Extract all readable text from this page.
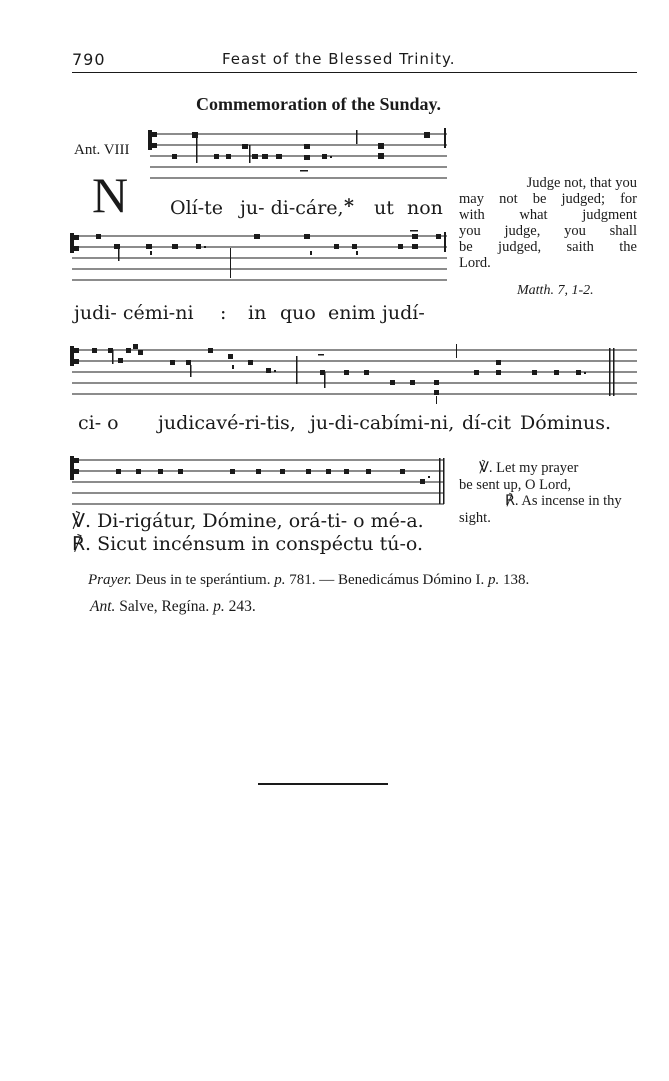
790	Feast of the Blessed Trinity.
Commemoration of the Sunday.
Ant. VIII
N Olí-te ju- di-cáre, * ut non

Judge not, that you

may not be judged; for

with what judgment

you judge, you shall

be judged, saith the

Lord.

Matth. 7, 1-2.
judi- cémi-ni : in quo enim judí-
ci- o judicavé-ri-tis, ju-di-cabími-ni, dí-cit Dóminus.

℣. Let my prayer

be sent up, O Lord,

℟. As incense in thy

sight.

℣. Di-rigátur, Dómine, orá-ti- o mé-a.
℟. Sicut incénsum in conspéctu tú-o.
Prayer. Deus in te sperántium. p. 781. — Benedicámus Dómino I. p. 138.
Ant. Salve, Regína. p. 243.
